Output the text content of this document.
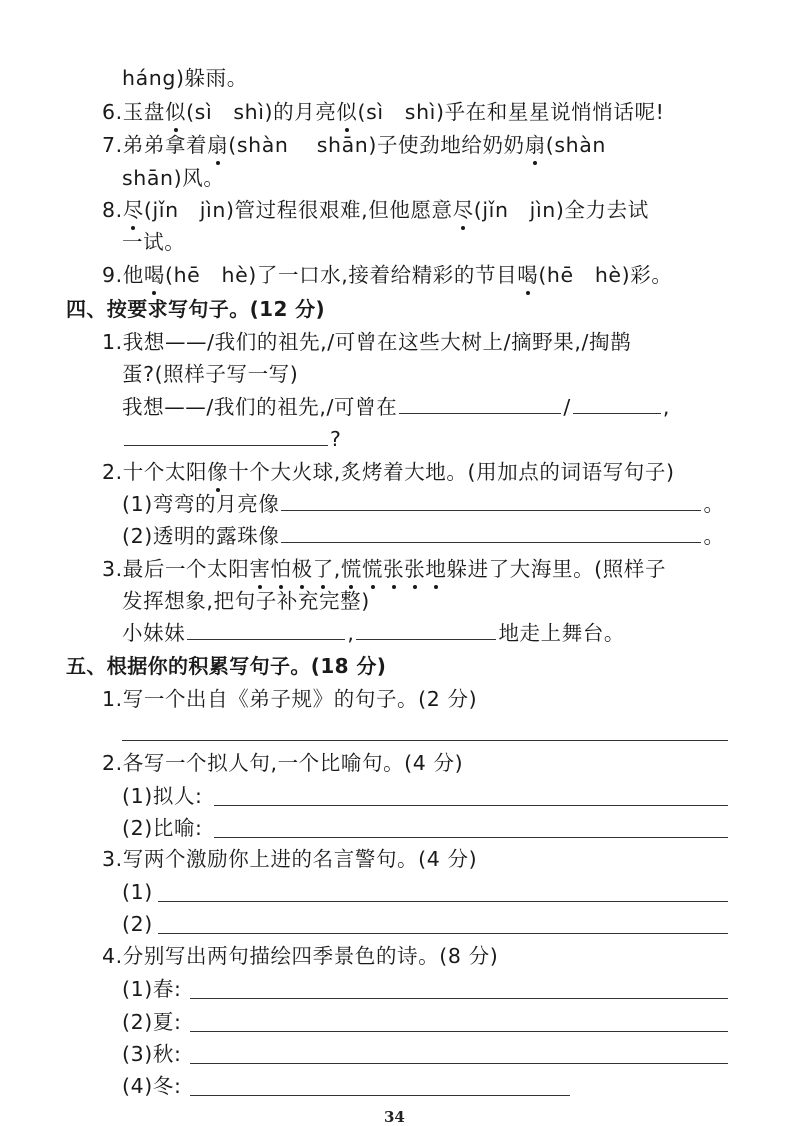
háng)躲雨。
6.玉盘似(sì　shì)的月亮似(sì　shì)乎在和星星说悄悄话呢!
7.弟弟拿着扇(shàn　 shān)子使劲地给奶奶扇(shàn
shān)风。
8.尽(jǐn　jìn)管过程很艰难,但他愿意尽(jǐn　jìn)全力去试
一试。
9.他喝(hē　hè)了一口水,接着给精彩的节目喝(hē　hè)彩。
四、按要求写句子。(12 分)
1.我想——/我们的祖先,/可曾在这些大树上/摘野果,/掏鹊
蛋?(照样子写一写)
我想——/我们的祖先,/可曾在	/	,
?
2.十个太阳像十个大火球,炙烤着大地。(用加点的词语写句子)
(1)弯弯的月亮像	。
(2)透明的露珠像	。
3.最后一个太阳害怕极了,慌慌张张地躲进了大海里。(照样子
发挥想象,把句子补充完整)
小妹妹	,	地走上舞台。
五、根据你的积累写句子。(18 分)
1.写一个出自《弟子规》的句子。(2 分)
2.各写一个拟人句,一个比喻句。(4 分)
(1)拟人:
(2)比喻:
3.写两个激励你上进的名言警句。(4 分)
(1)
(2)
4.分别写出两句描绘四季景色的诗。(8 分)
(1)春:
(2)夏:
(3)秋:
(4)冬:
34
